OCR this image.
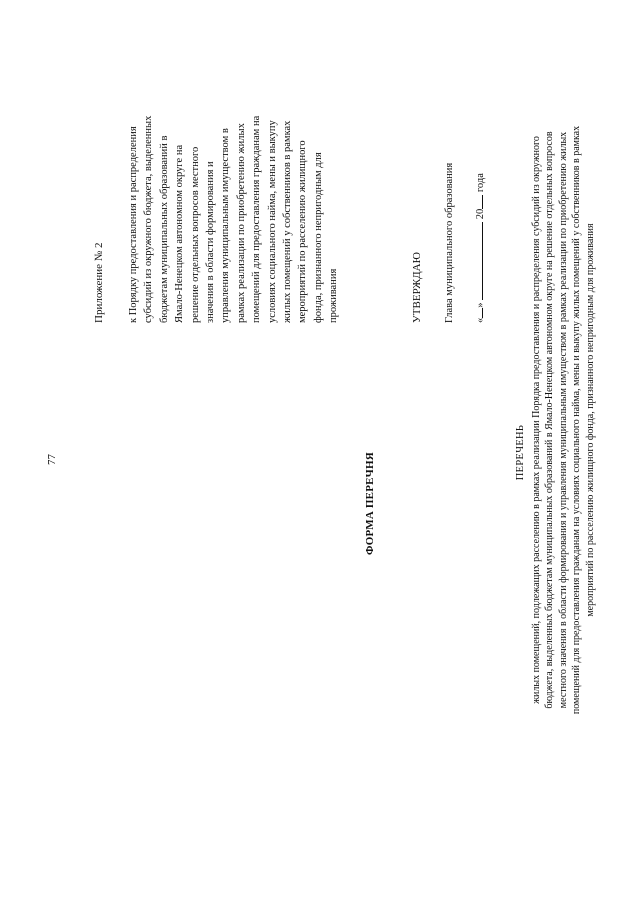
77
Приложение № 2 к Порядку предоставления и распределения субсидий из окружного бюджета, выделенных бюджетам муниципальных образований в Ямало-Ненецком автономном округе на решение отдельных вопросов местного значения в области формирования и управления муниципальным имуществом в рамках реализации по приобретению жилых помещений для предоставления гражданам на условиях социального найма, мены и выкупу жилых помещений у собственников в рамках мероприятий по расселению жилищного фонда, признанного непригодным для проживания
ФОРМА ПЕРЕЧНЯ
УТВЕРЖДАЮ Глава муниципального образования «»  20 года
ПЕРЕЧЕНЬ жилых помещений, подлежащих расселению в рамках реализации Порядка предоставления и распределения субсидий из окружного бюджета, выделенных бюджетам муниципальных образований в Ямало-Ненецком автономном округе на решение отдельных вопросов местного значения в области формирования и управления муниципальным имуществом в рамках реализации по приобретению жилых помещений для предоставления гражданам на условиях социального найма, мены и выкупу жилых помещений у собственников в рамках мероприятий по расселению жилищного фонда, признанного непригодным для проживания
